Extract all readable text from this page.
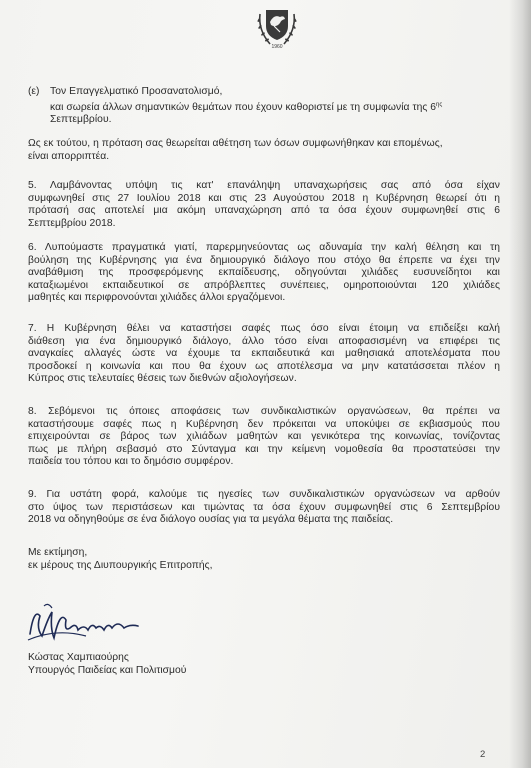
1960
(ε) Τον Επαγγελματικό Προσανατολισμό,
και σωρεία άλλων σημαντικών θεμάτων που έχουν καθοριστεί με τη συμφωνία της $6^{\eta\varsigma}$
Σεπτεμβρίου.
Ως εκ τούτου, η πρόταση σας θεωρείται αθέτηση των όσων συμφωνήθηκαν και επομένως,
είναι απορριπτέα.
5. Λαμβάνοντας υπόψη τις κατ' επανάληψη υπαναχωρήσεις σας από όσα είχαν
συμφωνηθεί στις 27 Ιουλίου 2018 και στις 23 Αυγούστου 2018 η Κυβέρνηση θεωρεί ότι η
πρότασή σας αποτελεί μια ακόμη υπαναχώρηση από τα όσα έχουν συμφωνηθεί στις 6
Σεπτεμβρίου 2018.
6. Λυπούμαστε πραγματικά γιατί, παρερμηνεύοντας ως αδυναμία την καλή θέληση και τη
βούληση της Κυβέρνησης για ένα δημιουργικό διάλογο που στόχο θα έπρεπε να έχει την
αναβάθμιση της προσφερόμενης εκπαίδευσης, οδηγούνται χιλιάδες ευσυνείδητοι και
καταξιωμένοι εκπαιδευτικοί σε απρόβλεπτες συνέπειες, ομηροποιούνται 120 χιλιάδες
μαθητές και περιφρονούνται χιλιάδες άλλοι εργαζόμενοι.
7. Η Κυβέρνηση θέλει να καταστήσει σαφές πως όσο είναι έτοιμη να επιδείξει καλή
διάθεση για ένα δημιουργικό διάλογο, άλλο τόσο είναι αποφασισμένη να επιφέρει τις
αναγκαίες αλλαγές ώστε να έχουμε τα εκπαιδευτικά και μαθησιακά αποτελέσματα που
προσδοκεί η κοινωνία και που θα έχουν ως αποτέλεσμα να μην κατατάσσεται πλέον η
Κύπρος στις τελευταίες θέσεις των διεθνών αξιολογήσεων.
8. Σεβόμενοι τις όποιες αποφάσεις των συνδικαλιστικών οργανώσεων, θα πρέπει να
καταστήσουμε σαφές πως η Κυβέρνηση δεν πρόκειται να υποκύψει σε εκβιασμούς που
επιχειρούνται σε βάρος των χιλιάδων μαθητών και γενικότερα της κοινωνίας, τονίζοντας
πως με πλήρη σεβασμό στο Σύνταγμα και την κείμενη νομοθεσία θα προστατεύσει την
παιδεία του τόπου και το δημόσιο συμφέρον.
9. Για υστάτη φορά, καλούμε τις ηγεσίες των συνδικαλιστικών οργανώσεων να αρθούν
στο ύψος των περιστάσεων και τιμώντας τα όσα έχουν συμφωνηθεί στις 6 Σεπτεμβρίου
2018 να οδηγηθούμε σε ένα διάλογο ουσίας για τα μεγάλα θέματα της παιδείας.
Με εκτίμηση,
εκ μέρους της Διυπουργικής Επιτροπής,
Κώστας Χαμπιαούρης
Υπουργός Παιδείας και Πολιτισμού
2
